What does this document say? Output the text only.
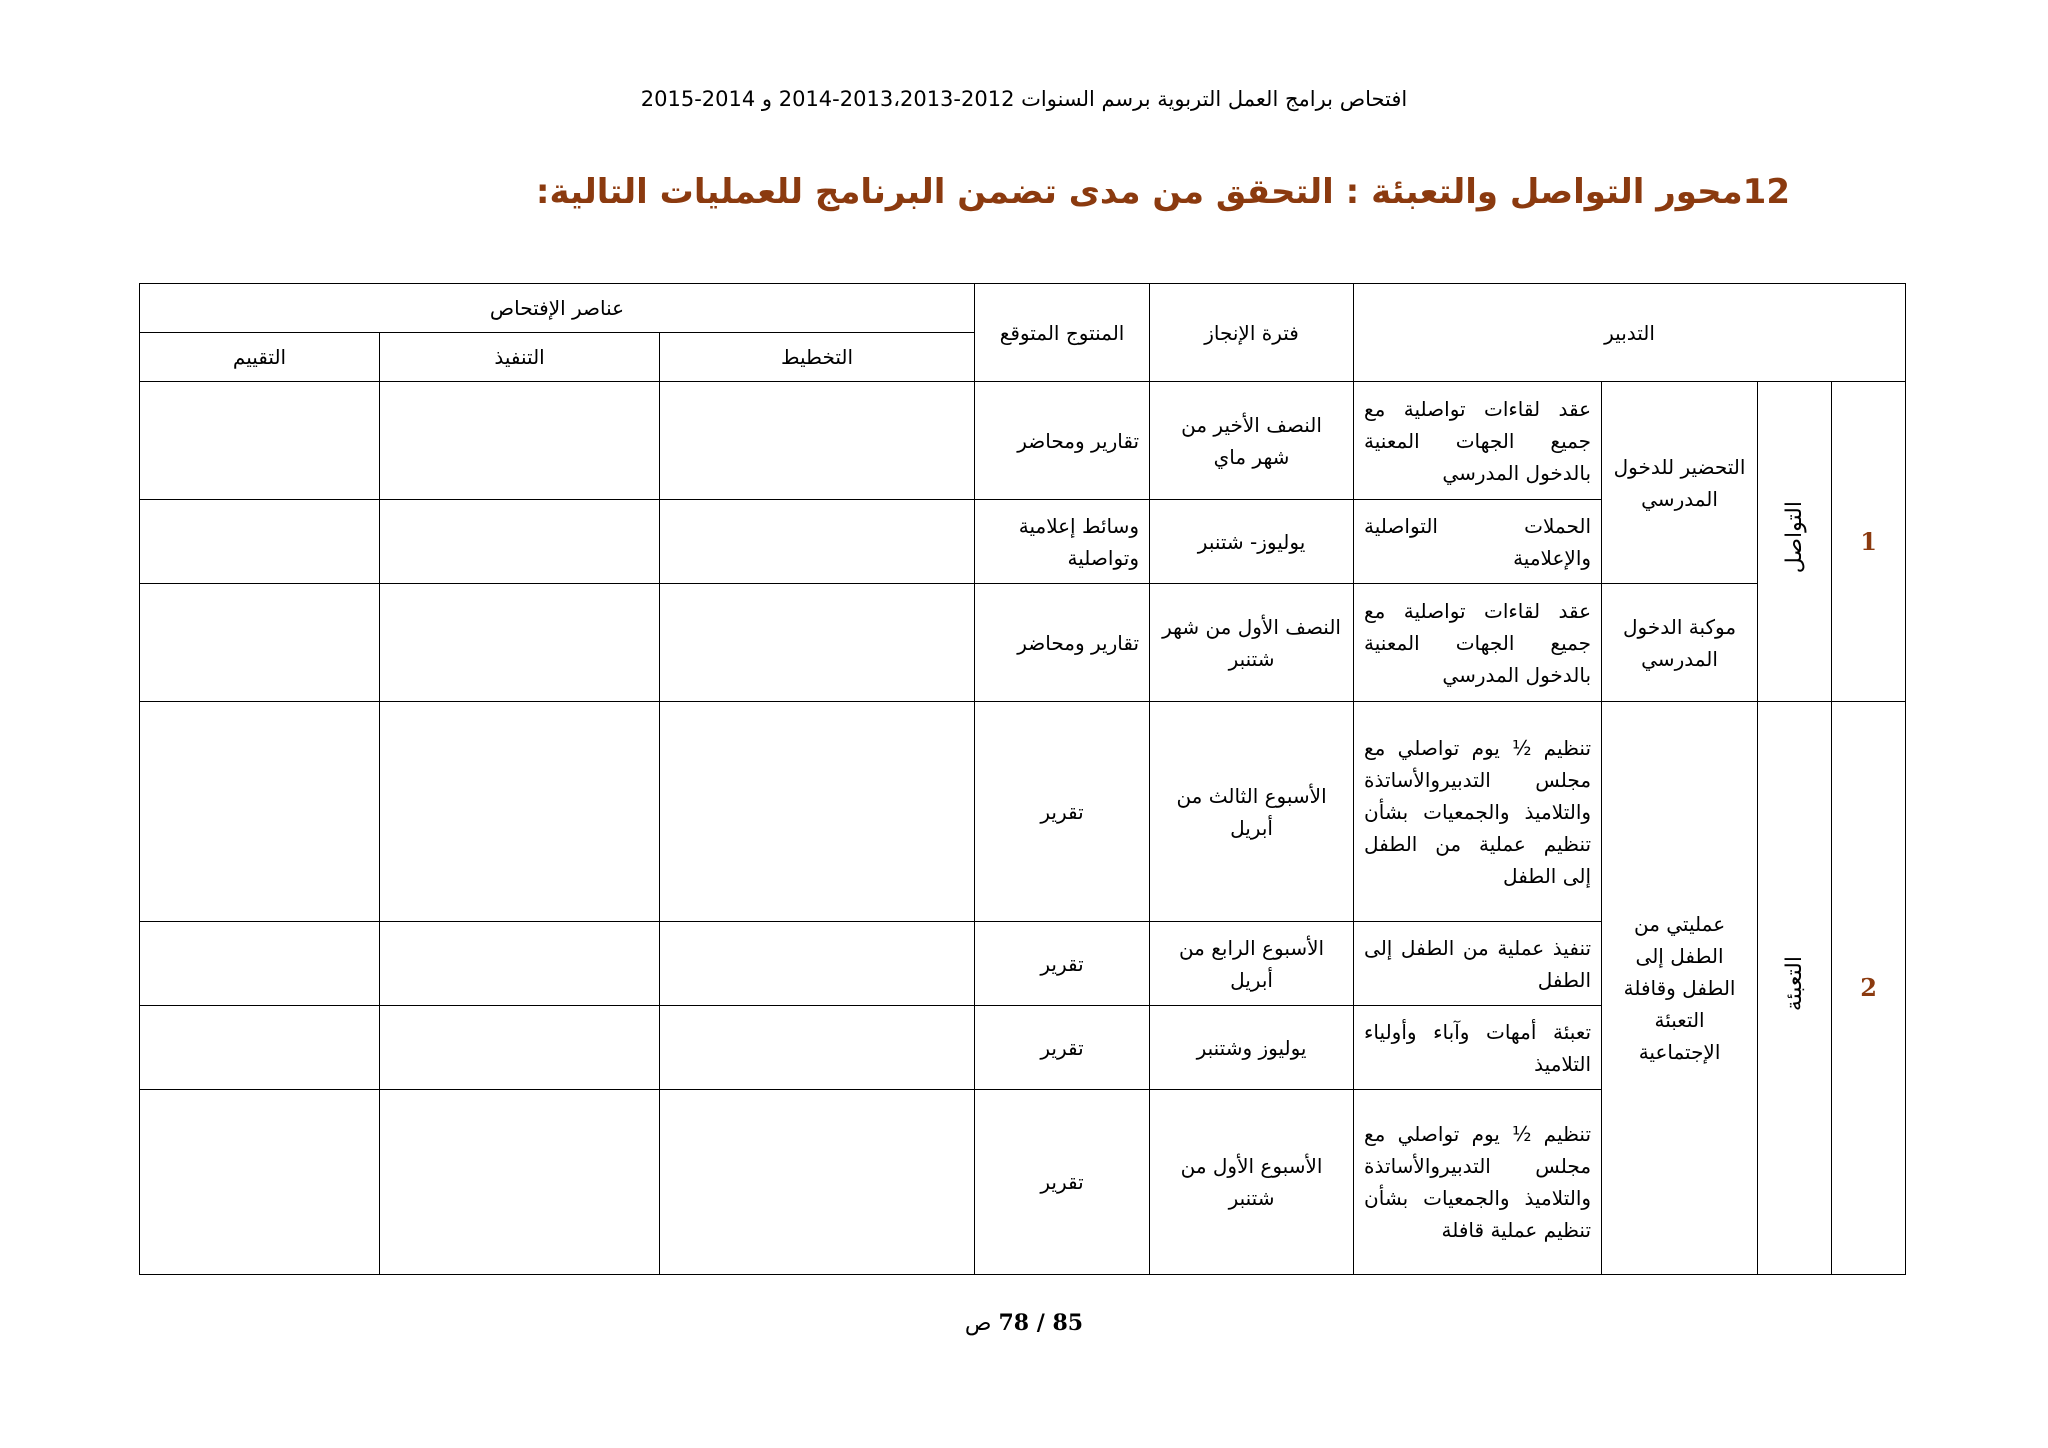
افتحاص برامج العمل التربوية برسم السنوات 2012-2013،2013-2014 و 2014-2015
12محور التواصل والتعبئة : التحقق من مدى تضمن البرنامج للعمليات التالية:
التدبير				فترة الإنجاز	المنتوج المتوقع	عناصر الإفتحاص		
						التخطيط	التنفيذ	التقييم
1	التواصل	التحضير للدخول المدرسي	عقد لقاءات تواصلية مع جميع الجهات المعنية بالدخول المدرسي	النصف الأخير من شهر ماي	تقارير ومحاضر			
			الحملات التواصلية والإعلامية	يوليوز- شتنبر	وسائط إعلامية وتواصلية			
		موكبة الدخول المدرسي	عقد لقاءات تواصلية مع جميع الجهات المعنية بالدخول المدرسي	النصف الأول من شهر شتنبر	تقارير ومحاضر			
2	التعبئة	عمليتي من الطفل إلى الطفل وقافلة التعبئة الإجتماعية	تنظيم ½ يوم تواصلي مع مجلس التدبيروالأساتذة والتلاميذ والجمعيات بشأن تنظيم عملية من الطفل إلى الطفل	الأسبوع الثالث من أبريل	تقرير			
			تنفيذ عملية من الطفل إلى الطفل	الأسبوع الرابع من أبريل	تقرير			
			تعبئة أمهات وآباء وأولياء التلاميذ	يوليوز وشتنبر	تقرير			
			تنظيم ½ يوم تواصلي مع مجلس التدبيروالأساتذة والتلاميذ والجمعيات بشأن تنظيم عملية قافلة	الأسبوع الأول من شتنبر	تقرير			
85 / 78 ص
